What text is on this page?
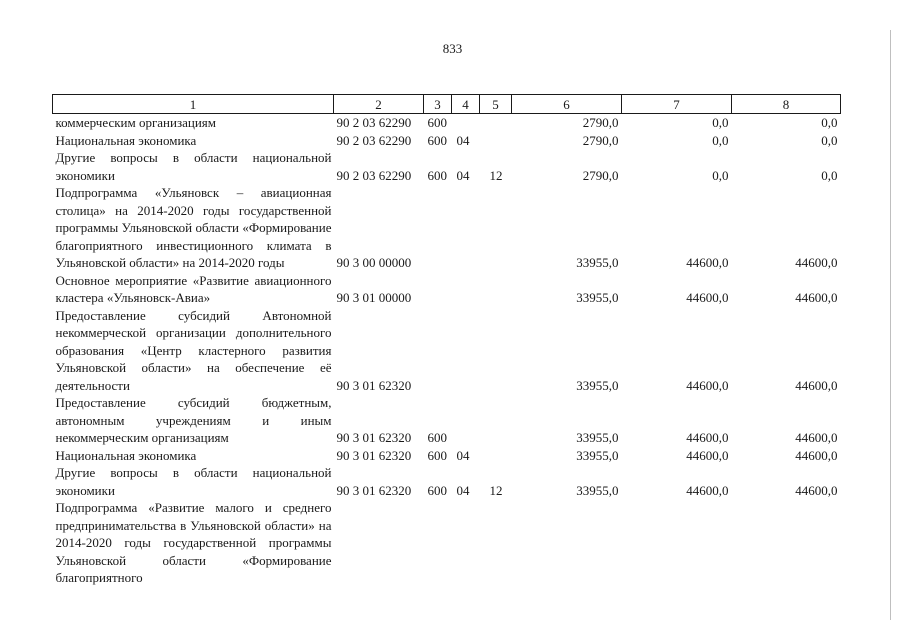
833
1	2	3	4	5	6	7	8
коммерческим организациям	90 2 03 62290	600			2790,0	0,0	0,0
Национальная экономика	90 2 03 62290	600	04		2790,0	0,0	0,0
Другие вопросы в области национальной экономики	90 2 03 62290	600	04	12	2790,0	0,0	0,0
Подпрограмма «Ульяновск – авиационная столица» на 2014-2020 годы государственной программы Ульяновской области «Формирование благоприятного инвестиционного климата в Ульяновской области» на 2014-2020 годы	90 3 00 00000				33955,0	44600,0	44600,0
Основное мероприятие «Развитие авиационного кластера «Ульяновск-Авиа»	90 3 01 00000				33955,0	44600,0	44600,0
Предоставление субсидий Автономной некоммерческой организации дополнительного образования «Центр кластерного развития Ульяновской области» на обеспечение её деятельности	90 3 01 62320				33955,0	44600,0	44600,0
Предоставление субсидий бюджетным, автономным учреждениям и иным некоммерческим организациям	90 3 01 62320	600			33955,0	44600,0	44600,0
Национальная экономика	90 3 01 62320	600	04		33955,0	44600,0	44600,0
Другие вопросы в области национальной экономики	90 3 01 62320	600	04	12	33955,0	44600,0	44600,0
Подпрограмма «Развитие малого и среднего предпринимательства в Ульяновской области» на 2014-2020 годы государственной программы Ульяновской области «Формирование благоприятного							
